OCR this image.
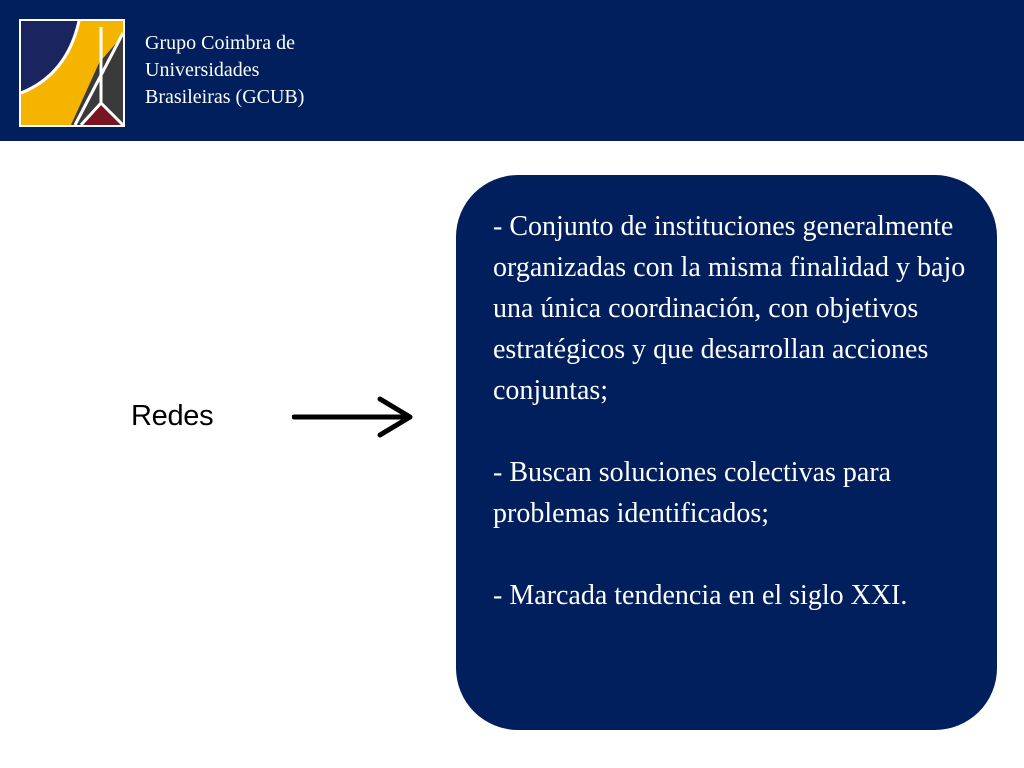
Grupo Coimbra de
Universidades
Brasileiras (GCUB)
Redes

- Conjunto de instituciones generalmente organizadas con la misma finalidad y bajo una única coordinación, con objetivos estratégicos y que desarrollan acciones conjuntas;

- Buscan soluciones colectivas para problemas identificados;

- Marcada tendencia en el siglo XXI.
